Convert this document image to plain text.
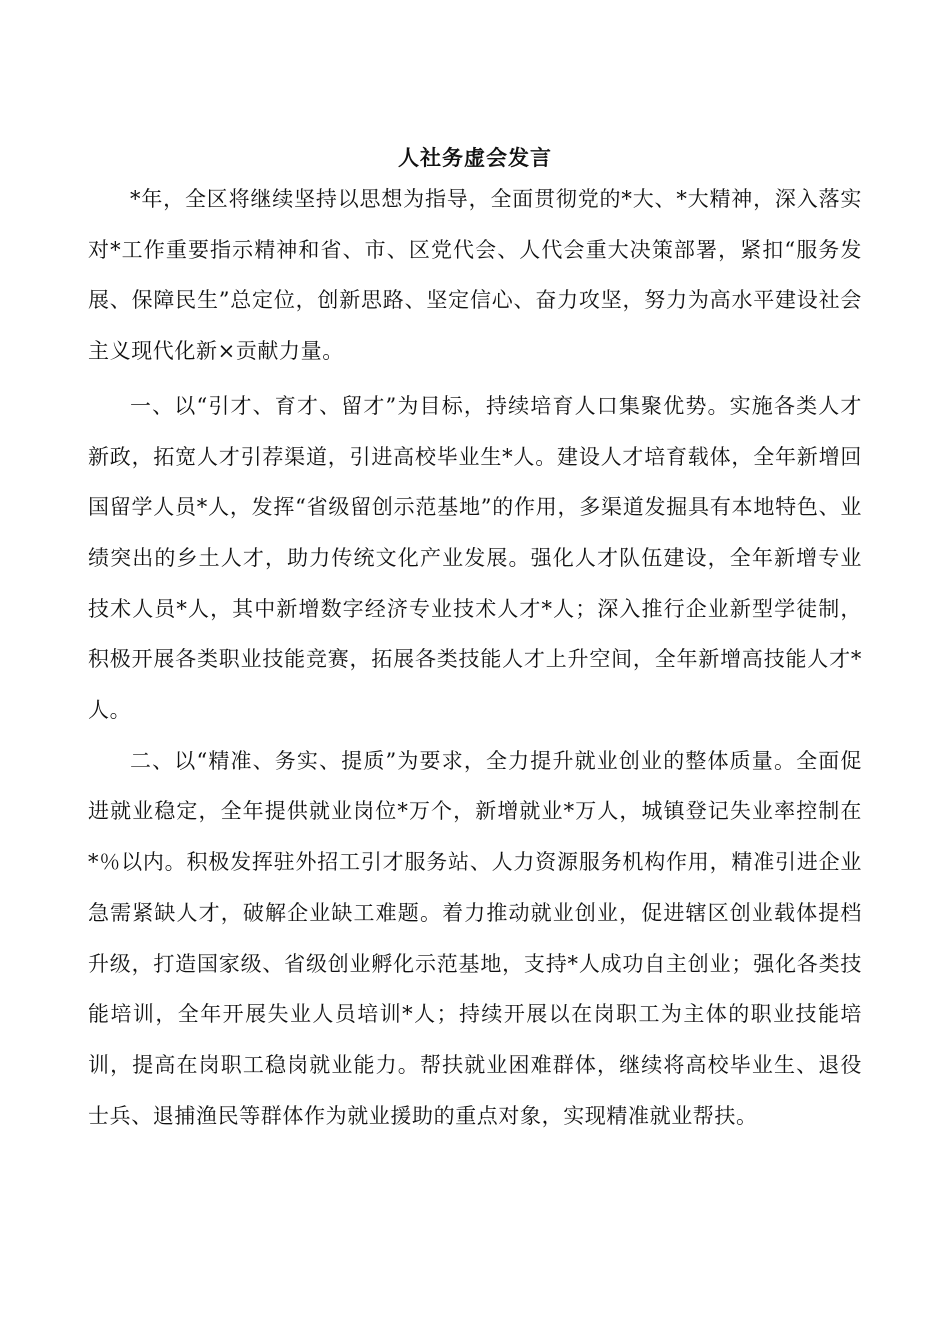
人社务虚会发言

*年，全区将继续坚持以思想为指导，全面贯彻党的*大、*大精神，深入落实对*工作重要指示精神和省、市、区党代会、人代会重大决策部署，紧扣“服务发展、保障民生”总定位，创新思路、坚定信心、奋力攻坚，努力为高水平建设社会主义现代化新×贡献力量。

一、以“引才、育才、留才”为目标，持续培育人口集聚优势。实施各类人才新政，拓宽人才引荐渠道，引进高校毕业生*人。建设人才培育载体，全年新增回国留学人员*人，发挥“省级留创示范基地”的作用，多渠道发掘具有本地特色、业绩突出的乡土人才，助力传统文化产业发展。强化人才队伍建设，全年新增专业技术人员*人，其中新增数字经济专业技术人才*人；深入推行企业新型学徒制，积极开展各类职业技能竞赛，拓展各类技能人才上升空间，全年新增高技能人才*人。

二、以“精准、务实、提质”为要求，全力提升就业创业的整体质量。全面促进就业稳定，全年提供就业岗位*万个，新增就业*万人，城镇登记失业率控制在*％以内。积极发挥驻外招工引才服务站、人力资源服务机构作用，精准引进企业急需紧缺人才，破解企业缺工难题。着力推动就业创业，促进辖区创业载体提档升级，打造国家级、省级创业孵化示范基地，支持*人成功自主创业；强化各类技能培训，全年开展失业人员培训*人；持续开展以在岗职工为主体的职业技能培训，提高在岗职工稳岗就业能力。帮扶就业困难群体，继续将高校毕业生、退役士兵、退捕渔民等群体作为就业援助的重点对象，实现精准就业帮扶。
